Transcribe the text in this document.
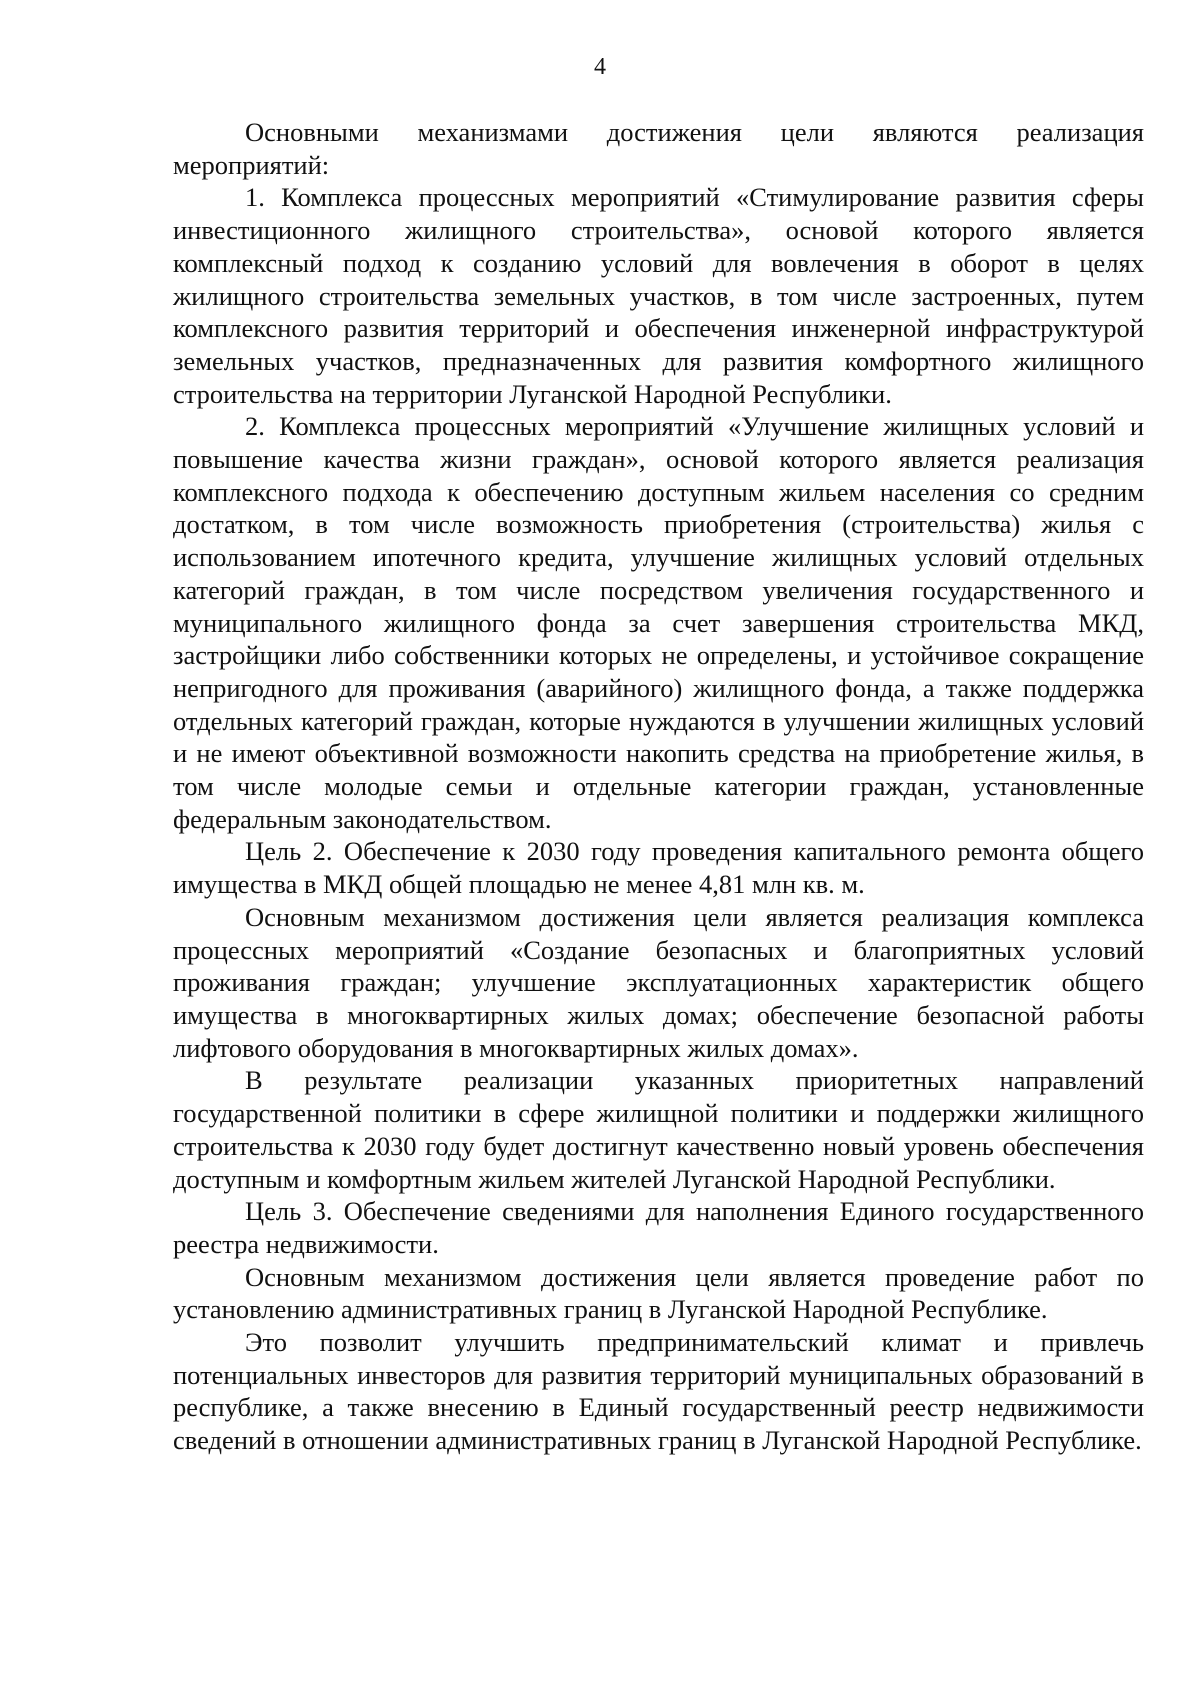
4

Основными механизмами достижения цели являются реализация мероприятий:

1. Комплекса процессных мероприятий «Стимулирование развития сферы инвестиционного жилищного строительства», основой которого является комплексный подход к созданию условий для вовлечения в оборот в целях жилищного строительства земельных участков, в том числе застроенных, путем комплексного развития территорий и обеспечения инженерной инфраструктурой земельных участков, предназначенных для развития комфортного жилищного строительства на территории Луганской Народной Республики.

2. Комплекса процессных мероприятий «Улучшение жилищных условий и повышение качества жизни граждан», основой которого является реализация комплексного подхода к обеспечению доступным жильем населения со средним достатком, в том числе возможность приобретения (строительства) жилья с использованием ипотечного кредита, улучшение жилищных условий отдельных категорий граждан, в том числе посредством увеличения государственного и муниципального жилищного фонда за счет завершения строительства МКД, застройщики либо собственники которых не определены, и устойчивое сокращение непригодного для проживания (аварийного) жилищного фонда, а также поддержка отдельных категорий граждан, которые нуждаются в улучшении жилищных условий и не имеют объективной возможности накопить средства на приобретение жилья, в том числе молодые семьи и отдельные категории граждан, установленные федеральным законодательством.

Цель 2. Обеспечение к 2030 году проведения капитального ремонта общего имущества в МКД общей площадью не менее 4,81 млн кв. м.

Основным механизмом достижения цели является реализация комплекса процессных мероприятий «Создание безопасных и благоприятных условий проживания граждан; улучшение эксплуатационных характеристик общего имущества в многоквартирных жилых домах; обеспечение безопасной работы лифтового оборудования в многоквартирных жилых домах».

В результате реализации указанных приоритетных направлений государственной политики в сфере жилищной политики и поддержки жилищного строительства к 2030 году будет достигнут качественно новый уровень обеспечения доступным и комфортным жильем жителей Луганской Народной Республики.

Цель 3. Обеспечение сведениями для наполнения Единого государственного реестра недвижимости.

Основным механизмом достижения цели является проведение работ по установлению административных границ в Луганской Народной Республике.

Это позволит улучшить предпринимательский климат и привлечь потенциальных инвесторов для развития территорий муниципальных образований в республике, а также внесению в Единый государственный реестр недвижимости сведений в отношении административных границ в Луганской Народной Республике.
